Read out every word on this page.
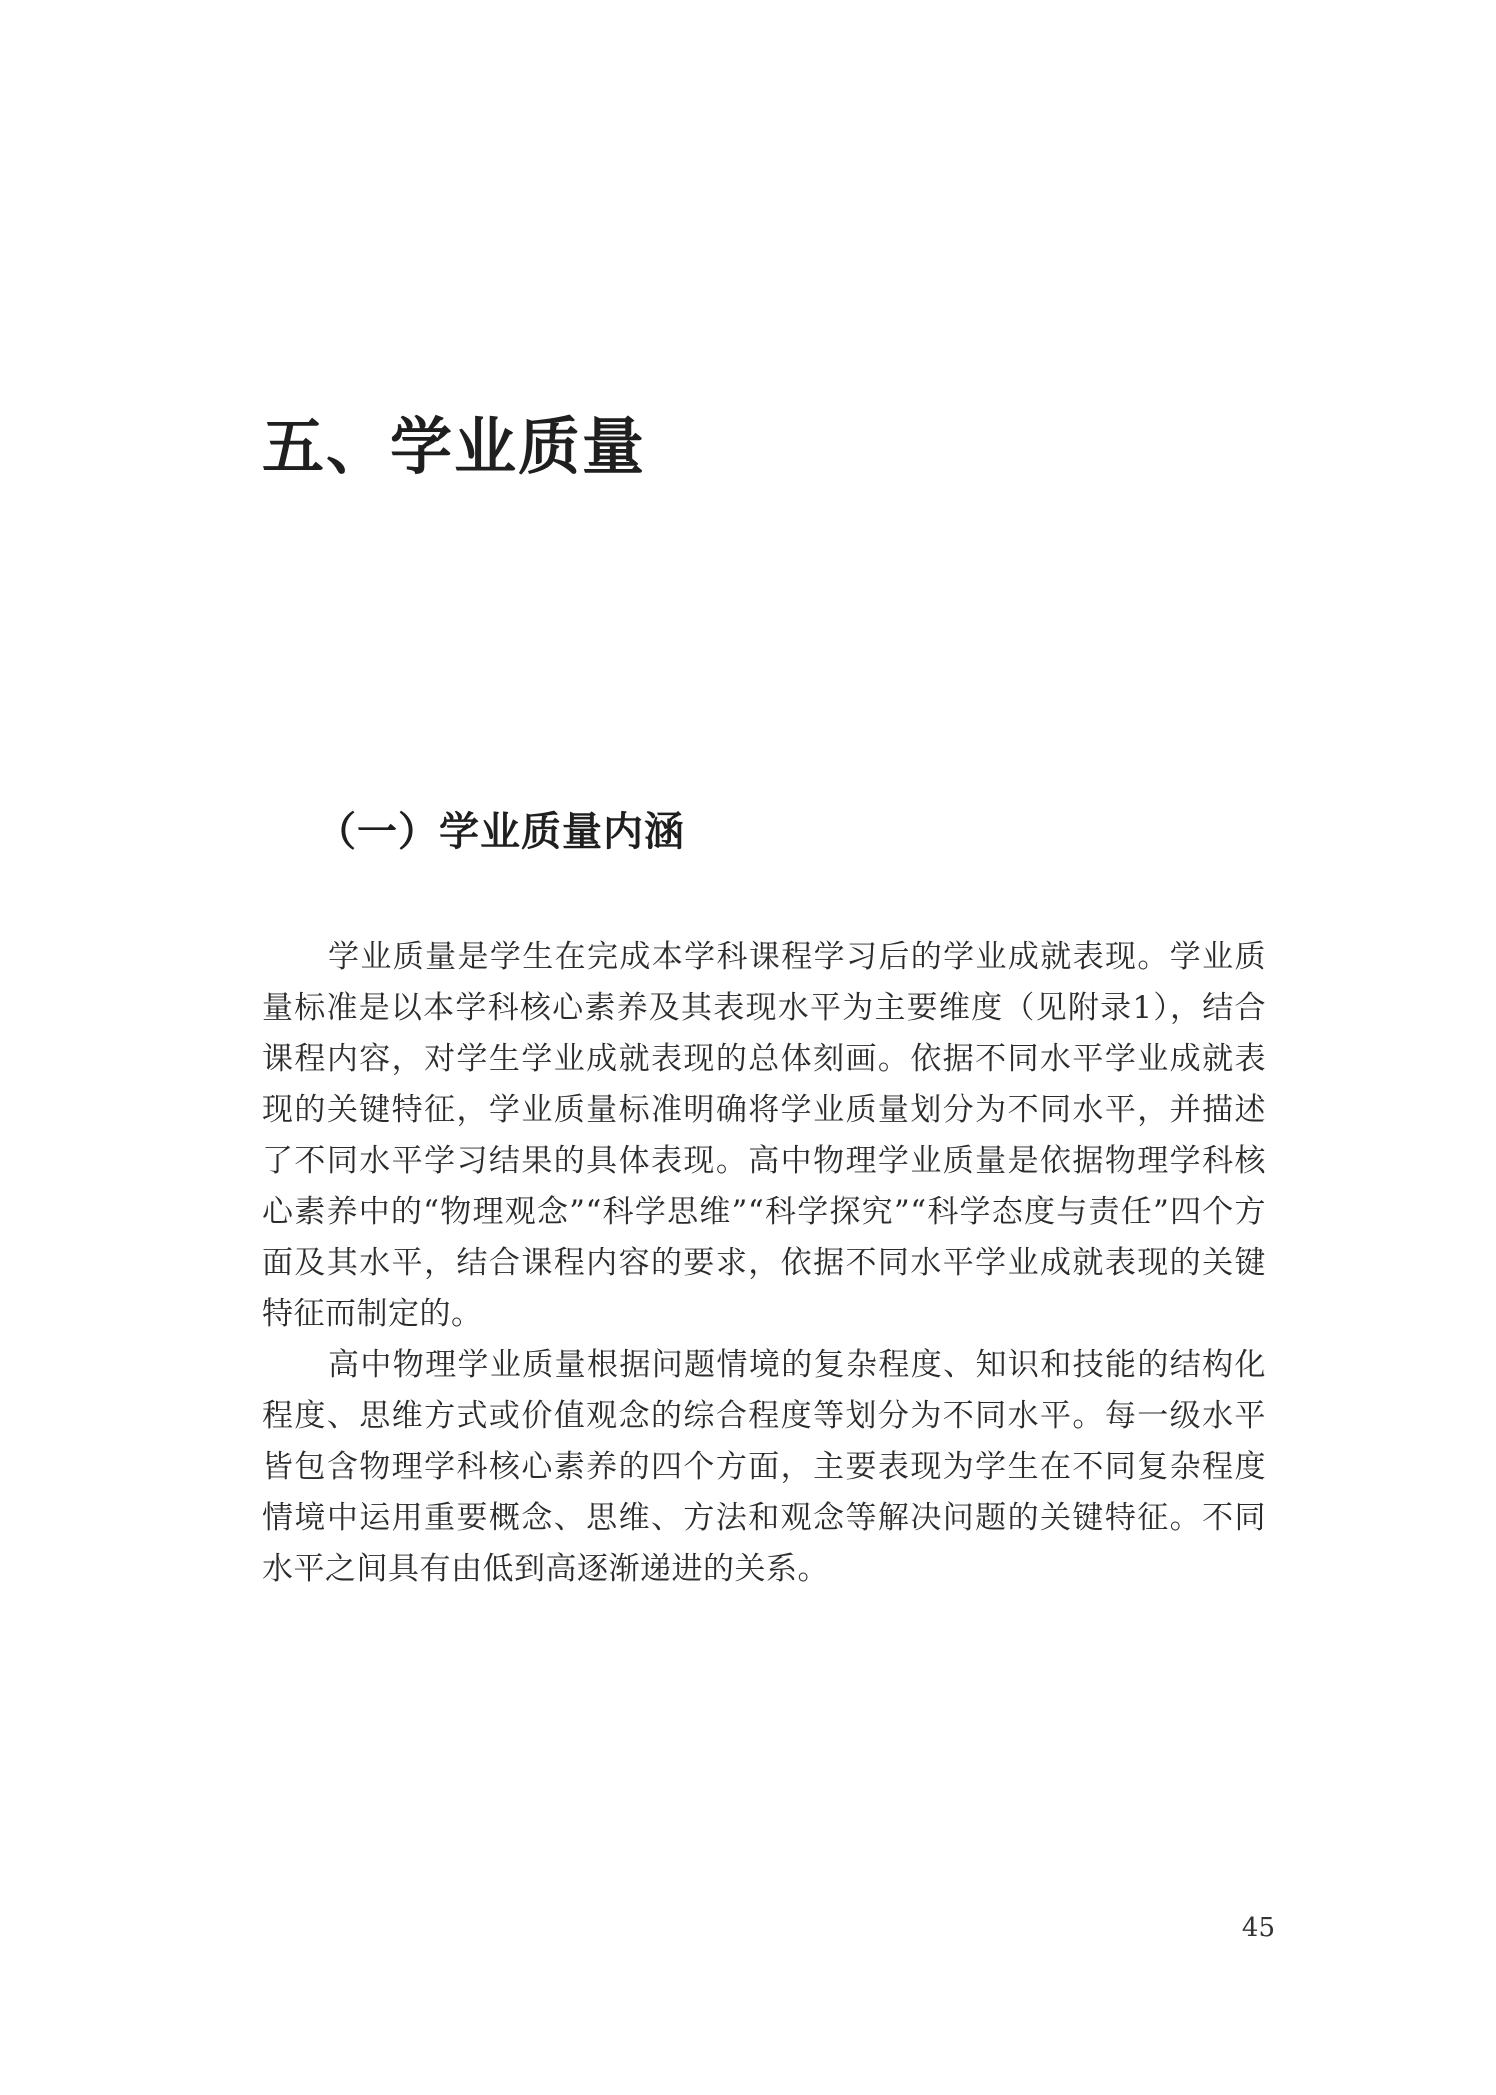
五、学业质量
（一）学业质量内涵

学业质量是学生在完成本学科课程学习后的学业成就表现。学业质量标准是以本学科核心素养及其表现水平为主要维度（见附录1），结合课程内容，对学生学业成就表现的总体刻画。依据不同水平学业成就表现的关键特征，学业质量标准明确将学业质量划分为不同水平，并描述了不同水平学习结果的具体表现。高中物理学业质量是依据物理学科核心素养中的“物理观念”“科学思维”“科学探究”“科学态度与责任”四个方面及其水平，结合课程内容的要求，依据不同水平学业成就表现的关键特征而制定的。

高中物理学业质量根据问题情境的复杂程度、知识和技能的结构化程度、思维方式或价值观念的综合程度等划分为不同水平。每一级水平皆包含物理学科核心素养的四个方面，主要表现为学生在不同复杂程度情境中运用重要概念、思维、方法和观念等解决问题的关键特征。不同水平之间具有由低到高逐渐递进的关系。

45
